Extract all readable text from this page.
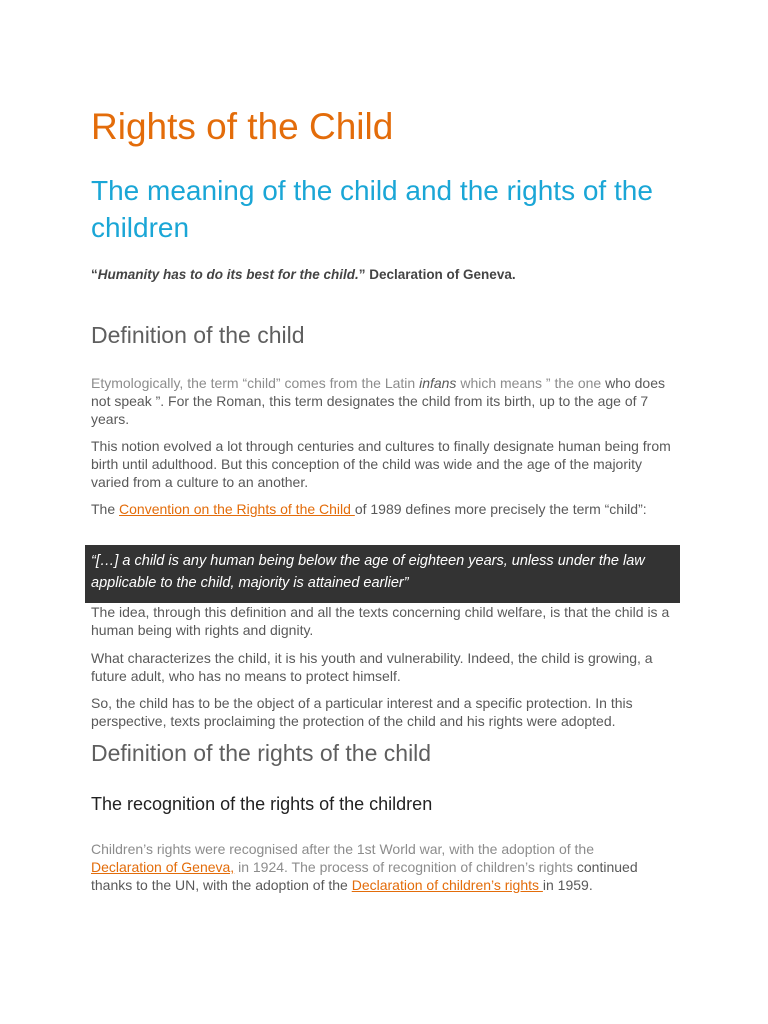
Rights of the Child
The meaning of the child and the rights of the children

“Humanity has to do its best for the child.” Declaration of Geneva.

Definition of the child

Etymologically, the term “child” comes from the Latin infans which means ” the one who does not speak ”. For the Roman, this term designates the child from its birth, up to the age of 7 years.

This notion evolved a lot through centuries and cultures to finally designate human being from birth until adulthood. But this conception of the child was wide and the age of the majority varied from a culture to an another.

The Convention on the Rights of the Child of 1989 defines more precisely the term “child”:

The idea, through this definition and all the texts concerning child welfare, is that the child is a human being with rights and dignity.

What characterizes the child, it is his youth and vulnerability. Indeed, the child is growing, a future adult, who has no means to protect himself.

So, the child has to be the object of a particular interest and a specific protection. In this perspective, texts proclaiming the protection of the child and his rights were adopted.

Definition of the rights of the child
The recognition of the rights of the children

Children’s rights were recognised after the 1st World war, with the adoption of the Declaration of Geneva, in 1924. The process of recognition of children’s rights continued thanks to the UN, with the adoption of the Declaration of children’s rights in 1959.

“[…] a child is any human being below the age of eighteen years, unless under the law
applicable to the child, majority is attained earlier”
